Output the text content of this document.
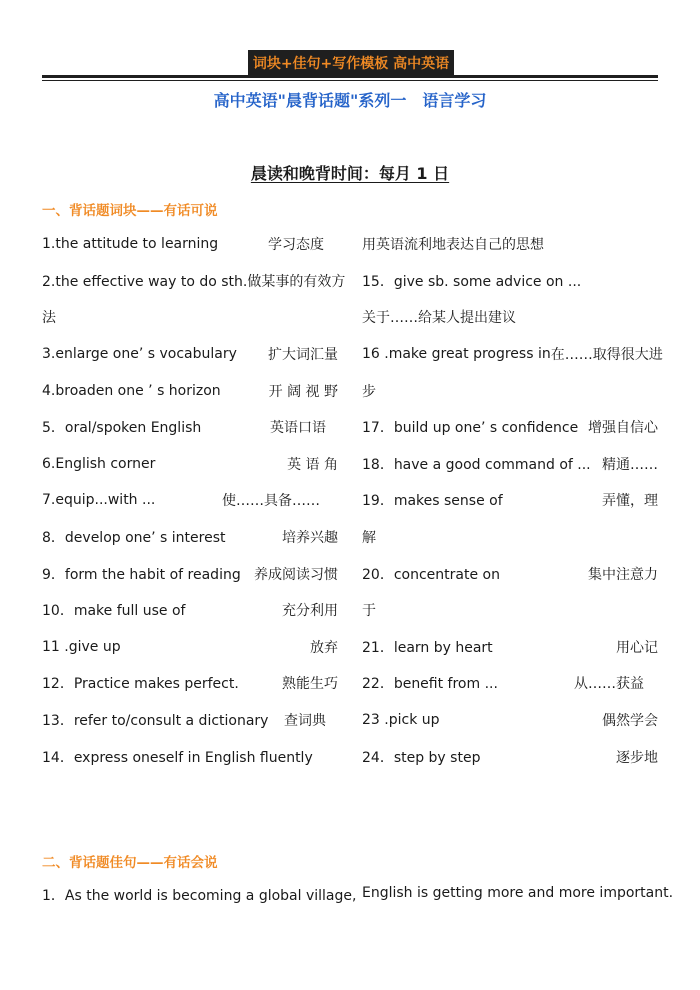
词块+佳句+写作模板 高中英语
高中英语"晨背话题"系列一　语言学习
晨读和晚背时间：每月 1 日
一、背话题词块——有话可说
1.the attitude to learning	学习态度
2.the effective way to do sth.做某事的有效方
法
3.enlarge one’ s vocabulary 扩大词汇量
4.broaden one ’ s horizon	开 阔 视 野
5．oral/spoken English	英语口语
6.English corner	英 语 角
7.equip...with ...	使……具备……
8．develop one’ s interest	培养兴趣
9．form the habit of reading 养成阅读习惯
10．make full use of	充分利用
11 .give up	放弃
12．Practice makes perfect.	熟能生巧
13．refer to/consult a dictionary 查词典
14．express oneself in English fluently
用英语流利地表达自己的思想
15．give sb. some advice on ...
关于……给某人提出建议
16 .make great progress in 在……取得很大进
步
17．build up one’ s confidence 增强自信心
18．have a good command of ... 精通……
19．makes sense of	弄懂，理
解
20．concentrate on	集中注意力
于
21．learn by heart	用心记
22．benefit from ...	从……获益
23 .pick up	偶然学会
24．step by step	逐步地
二、背话题佳句——有话会说
1．As the world is becoming a global village, English is getting more and more important.
